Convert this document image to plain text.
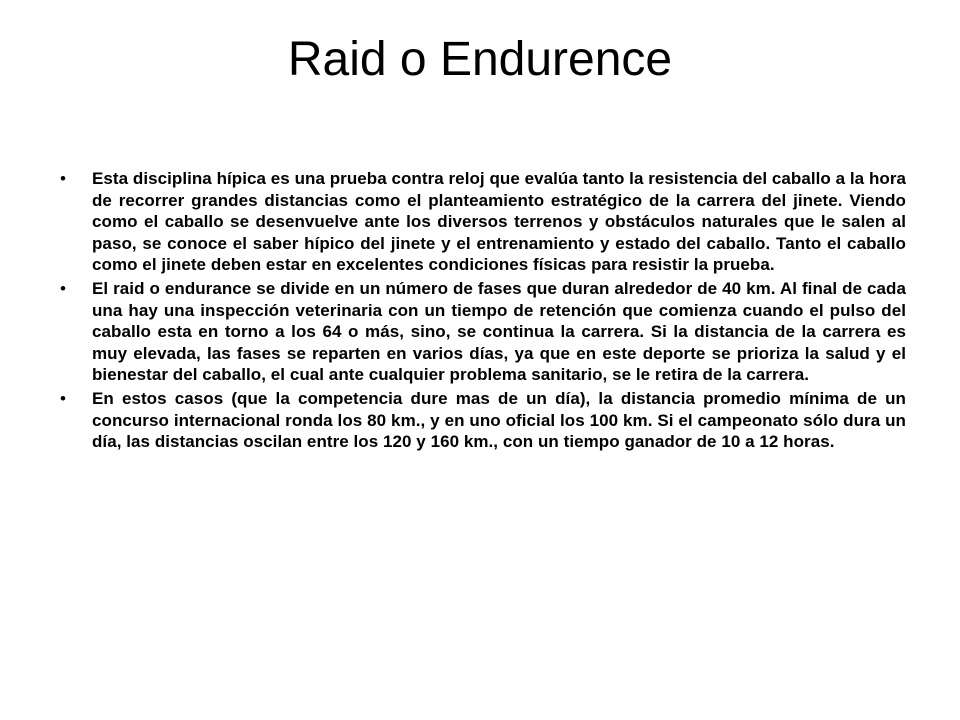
Raid o Endurence
• Esta disciplina hípica es una prueba contra reloj que evalúa tanto la resistencia del caballo a la hora de recorrer grandes distancias como el planteamiento estratégico de la carrera del jinete. Viendo como el caballo se desenvuelve ante los diversos terrenos y obstáculos naturales que le salen al paso, se conoce el saber hípico del jinete y el entrenamiento y estado del caballo. Tanto el caballo como el jinete deben estar en excelentes condiciones físicas para resistir la prueba.
• El raid o endurance se divide en un número de fases que duran alrededor de 40 km. Al final de cada una hay una inspección veterinaria con un tiempo de retención que comienza cuando el pulso del caballo esta en torno a los 64 o más, sino, se continua la carrera. Si la distancia de la carrera es muy elevada, las fases se reparten en varios días, ya que en este deporte se prioriza la salud y el bienestar del caballo, el cual ante cualquier problema sanitario, se le retira de la carrera.
• En estos casos (que la competencia dure mas de un día), la distancia promedio mínima de un concurso internacional ronda los 80 km., y en uno oficial los 100 km. Si el campeonato sólo dura un día, las distancias oscilan entre los 120 y 160 km., con un tiempo ganador de 10 a 12 horas.
